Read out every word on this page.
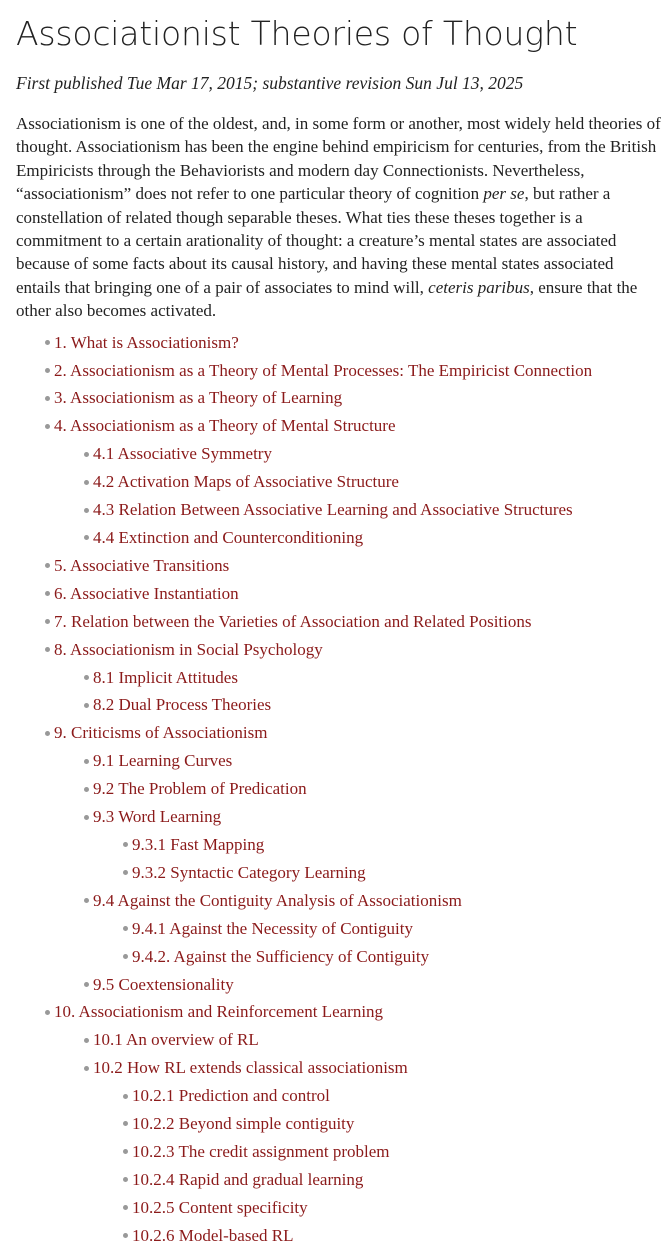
Associationist Theories of Thought
First published Tue Mar 17, 2015; substantive revision Sun Jul 13, 2025

Associationism is one of the oldest, and, in some form or another, most widely held theories of thought. Associationism has been the engine behind empiricism for centuries, from the British Empiricists through the Behaviorists and modern day Connectionists. Nevertheless, “associationism” does not refer to one particular theory of cognition per se, but rather a constellation of related though separable theses. What ties these theses together is a commitment to a certain arationality of thought: a creature’s mental states are associated because of some facts about its causal history, and having these mental states associated entails that bringing one of a pair of associates to mind will, ceteris paribus, ensure that the other also becomes activated.

1. What is Associationism?
2. Associationism as a Theory of Mental Processes: The Empiricist Connection
3. Associationism as a Theory of Learning
4. Associationism as a Theory of Mental Structure
4.1 Associative Symmetry
4.2 Activation Maps of Associative Structure
4.3 Relation Between Associative Learning and Associative Structures
4.4 Extinction and Counterconditioning
5. Associative Transitions
6. Associative Instantiation
7. Relation between the Varieties of Association and Related Positions
8. Associationism in Social Psychology
8.1 Implicit Attitudes
8.2 Dual Process Theories
9. Criticisms of Associationism
9.1 Learning Curves
9.2 The Problem of Predication
9.3 Word Learning
9.3.1 Fast Mapping
9.3.2 Syntactic Category Learning
9.4 Against the Contiguity Analysis of Associationism
9.4.1 Against the Necessity of Contiguity
9.4.2. Against the Sufficiency of Contiguity
9.5 Coextensionality
10. Associationism and Reinforcement Learning
10.1 An overview of RL
10.2 How RL extends classical associationism
10.2.1 Prediction and control
10.2.2 Beyond simple contiguity
10.2.3 The credit assignment problem
10.2.4 Rapid and gradual learning
10.2.5 Content specificity
10.2.6 Model-based RL
